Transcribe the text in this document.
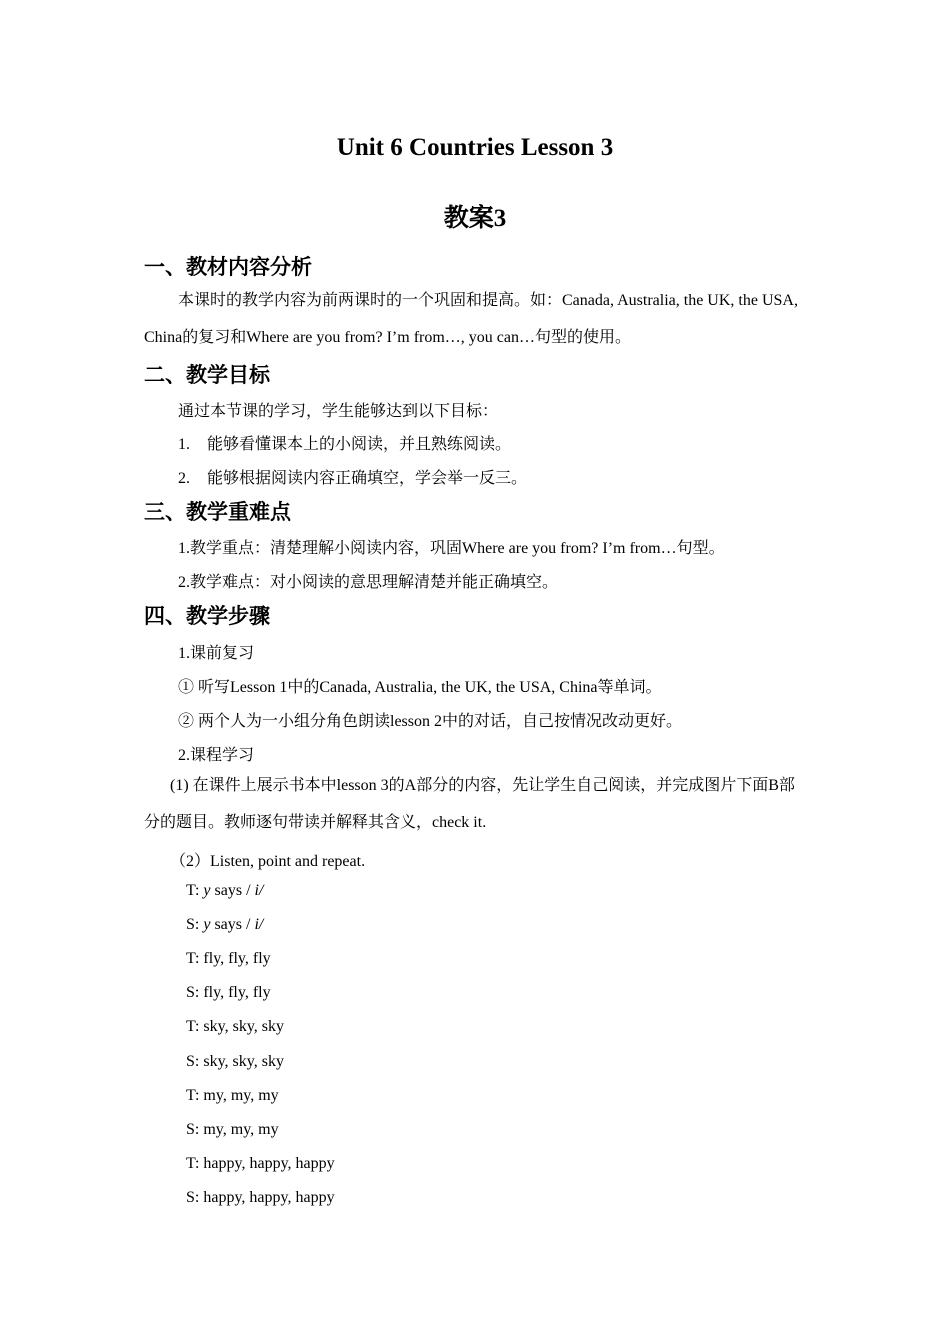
Unit 6 Countries Lesson 3
教案3
一、教材内容分析

本课时的教学内容为前两课时的一个巩固和提高。如：Canada, Australia, the UK, the USA, China的复习和Where are you from? I’m from…, you can…句型的使用。

二、教学目标

通过本节课的学习，学生能够达到以下目标：

1. 能够看懂课本上的小阅读，并且熟练阅读。

2. 能够根据阅读内容正确填空，学会举一反三。

三、教学重难点

1.教学重点：清楚理解小阅读内容，巩固Where are you from? I’m from…句型。

2.教学难点：对小阅读的意思理解清楚并能正确填空。

四、教学步骤

1.课前复习

① 听写Lesson 1中的Canada, Australia, the UK, the USA, China等单词。

② 两个人为一小组分角色朗读lesson 2中的对话，自己按情况改动更好。

2.课程学习

(1) 在课件上展示书本中lesson 3的A部分的内容，先让学生自己阅读，并完成图片下面B部分的题目。教师逐句带读并解释其含义，check it.

（2）Listen, point and repeat.

T: y says / i/

S: y says / i/

T: fly, fly, fly

S: fly, fly, fly

T: sky, sky, sky

S: sky, sky, sky

T: my, my, my

S: my, my, my

T: happy, happy, happy

S: happy, happy, happy
